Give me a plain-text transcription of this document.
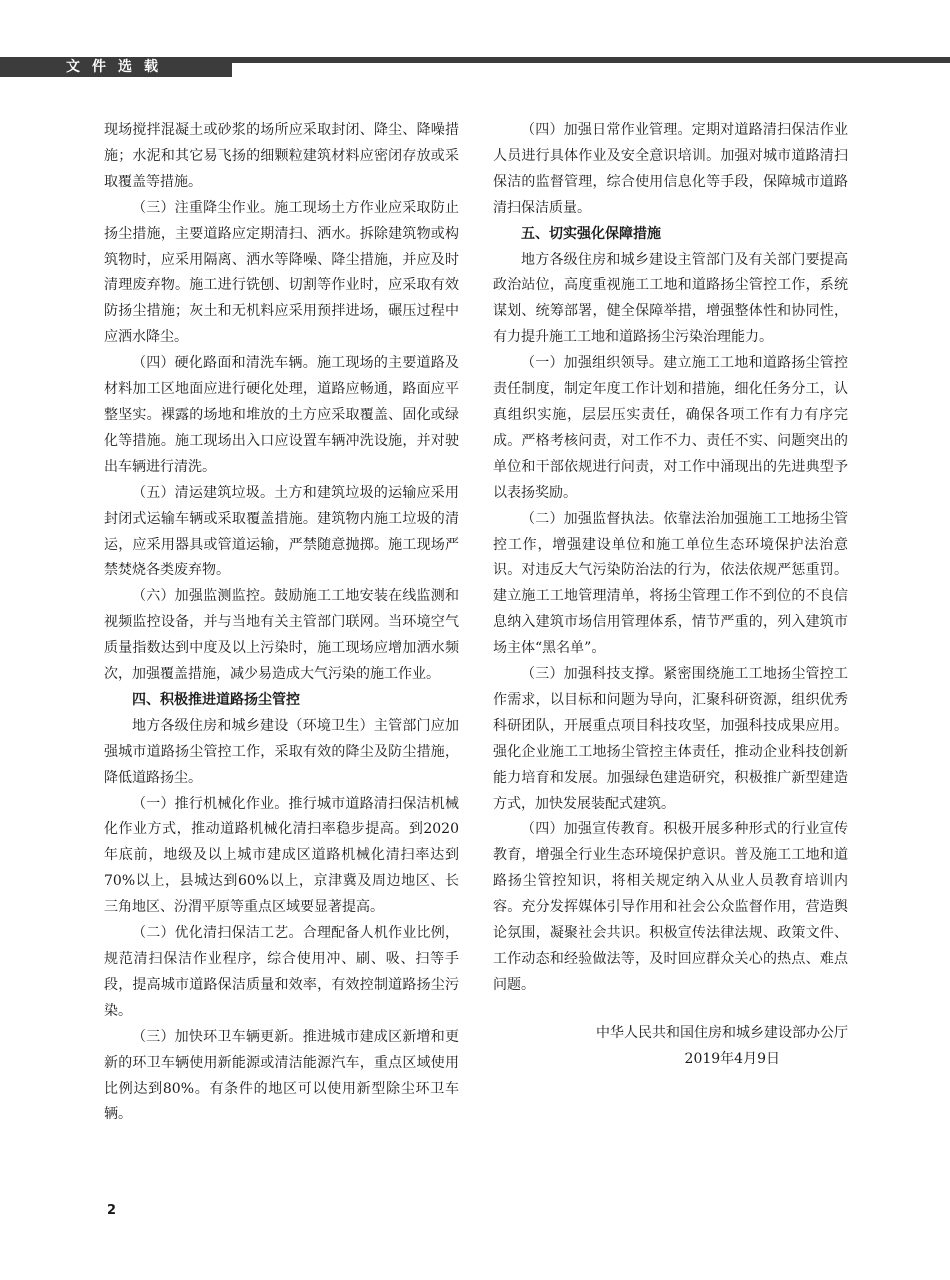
文件选载

现场搅拌混凝土或砂浆的场所应采取封闭、降尘、降噪措施；水泥和其它易飞扬的细颗粒建筑材料应密闭存放或采取覆盖等措施。

（三）注重降尘作业。施工现场土方作业应采取防止扬尘措施，主要道路应定期清扫、洒水。拆除建筑物或构筑物时，应采用隔离、洒水等降噪、降尘措施，并应及时清理废弃物。施工进行铣刨、切割等作业时，应采取有效防扬尘措施；灰土和无机料应采用预拌进场，碾压过程中应洒水降尘。

（四）硬化路面和清洗车辆。施工现场的主要道路及材料加工区地面应进行硬化处理，道路应畅通，路面应平整坚实。裸露的场地和堆放的土方应采取覆盖、固化或绿化等措施。施工现场出入口应设置车辆冲洗设施，并对驶出车辆进行清洗。

（五）清运建筑垃圾。土方和建筑垃圾的运输应采用封闭式运输车辆或采取覆盖措施。建筑物内施工垃圾的清运，应采用器具或管道运输，严禁随意抛掷。施工现场严禁焚烧各类废弃物。

（六）加强监测监控。鼓励施工工地安装在线监测和视频监控设备，并与当地有关主管部门联网。当环境空气质量指数达到中度及以上污染时，施工现场应增加洒水频次，加强覆盖措施，减少易造成大气污染的施工作业。

四、积极推进道路扬尘管控

地方各级住房和城乡建设（环境卫生）主管部门应加强城市道路扬尘管控工作，采取有效的降尘及防尘措施，降低道路扬尘。

（一）推行机械化作业。推行城市道路清扫保洁机械化作业方式，推动道路机械化清扫率稳步提高。到2020年底前，地级及以上城市建成区道路机械化清扫率达到70%以上，县城达到60%以上，京津冀及周边地区、长三角地区、汾渭平原等重点区域要显著提高。

（二）优化清扫保洁工艺。合理配备人机作业比例，规范清扫保洁作业程序，综合使用冲、刷、吸、扫等手段，提高城市道路保洁质量和效率，有效控制道路扬尘污染。

（三）加快环卫车辆更新。推进城市建成区新增和更新的环卫车辆使用新能源或清洁能源汽车，重点区域使用比例达到80%。有条件的地区可以使用新型除尘环卫车辆。

（四）加强日常作业管理。定期对道路清扫保洁作业人员进行具体作业及安全意识培训。加强对城市道路清扫保洁的监督管理，综合使用信息化等手段，保障城市道路清扫保洁质量。

五、切实强化保障措施

地方各级住房和城乡建设主管部门及有关部门要提高政治站位，高度重视施工工地和道路扬尘管控工作，系统谋划、统筹部署，健全保障举措，增强整体性和协同性，有力提升施工工地和道路扬尘污染治理能力。

（一）加强组织领导。建立施工工地和道路扬尘管控责任制度，制定年度工作计划和措施，细化任务分工，认真组织实施，层层压实责任，确保各项工作有力有序完成。严格考核问责，对工作不力、责任不实、问题突出的单位和干部依规进行问责，对工作中涌现出的先进典型予以表扬奖励。

（二）加强监督执法。依靠法治加强施工工地扬尘管控工作，增强建设单位和施工单位生态环境保护法治意识。对违反大气污染防治法的行为，依法依规严惩重罚。建立施工工地管理清单，将扬尘管理工作不到位的不良信息纳入建筑市场信用管理体系，情节严重的，列入建筑市场主体“黑名单”。

（三）加强科技支撑。紧密围绕施工工地扬尘管控工作需求，以目标和问题为导向，汇聚科研资源，组织优秀科研团队，开展重点项目科技攻坚，加强科技成果应用。强化企业施工工地扬尘管控主体责任，推动企业科技创新能力培育和发展。加强绿色建造研究，积极推广新型建造方式，加快发展装配式建筑。

（四）加强宣传教育。积极开展多种形式的行业宣传教育，增强全行业生态环境保护意识。普及施工工地和道路扬尘管控知识，将相关规定纳入从业人员教育培训内容。充分发挥媒体引导作用和社会公众监督作用，营造舆论氛围，凝聚社会共识。积极宣传法律法规、政策文件、工作动态和经验做法等，及时回应群众关心的热点、难点问题。

中华人民共和国住房和城乡建设部办公厅
2019年4月9日
2
